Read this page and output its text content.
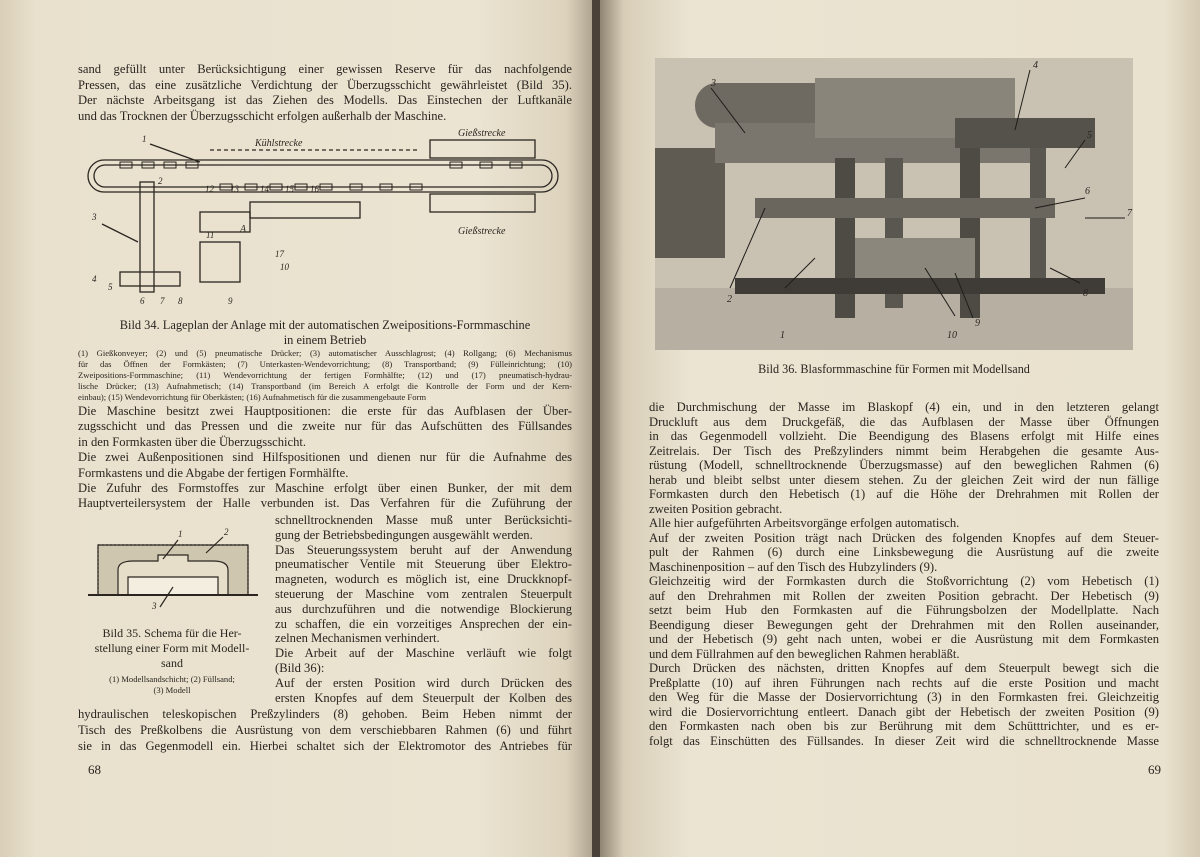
sand gefüllt unter Berücksichtigung einer gewissen Reserve für das nachfolgende
Pressen, das eine zusätzliche Verdichtung der Überzugsschicht gewährleistet (Bild 35).
Der nächste Arbeitsgang ist das Ziehen des Modells. Das Einstechen der Luftkanäle
und das Trocknen der Überzugsschicht erfolgen außerhalb der Maschine.
Kühlstrecke
Gießstrecke
Gießstrecke
A
1
2
3
4
5
6 7 8	9
10
11
12 13 14 15 16
17
Bild 34. Lageplan der Anlage mit der automatischen Zweipositions-Formmaschine
in einem Betrieb
(1) Gießkonveyer; (2) und (5) pneumatische Drücker; (3) automatischer Ausschlagrost; (4) Rollgang; (6) Mechanismus
für das Öffnen der Formkästen; (7) Unterkasten-Wendevorrichtung; (8) Transportband; (9) Fülleinrichtung; (10)
Zweipositions-Formmaschine; (11) Wendevorrichtung der fertigen Formhälfte; (12) und (17) pneumatisch-hydrau-
lische Drücker; (13) Aufnahmetisch; (14) Transportband (im Bereich A erfolgt die Kontrolle der Form und der Kern-
einbau); (15) Wendevorrichtung für Oberkästen; (16) Aufnahmetisch für die zusammengebaute Form
Die Maschine besitzt zwei Hauptpositionen: die erste für das Aufblasen der Über-
zugsschicht und das Pressen und die zweite nur für das Aufschütten des Füllsandes
in den Formkasten über die Überzugsschicht.
Die zwei Außenpositionen sind Hilfspositionen und dienen nur für die Aufnahme des
Formkastens und die Abgabe der fertigen Formhälfte.
Die Zufuhr des Formstoffes zur Maschine erfolgt über einen Bunker, der mit dem
Hauptverteilersystem der Halle verbunden ist. Das Verfahren für die Zuführung der
1	2
3
Bild 35. Schema für die Her-
stellung einer Form mit Modell-
sand
(1) Modellsandschicht; (2) Füllsand;
(3) Modell
schnelltrocknenden Masse muß unter Berücksichti-
gung der Betriebsbedingungen ausgewählt werden.
Das Steuerungssystem beruht auf der Anwendung
pneumatischer Ventile mit Steuerung über Elektro-
magneten, wodurch es möglich ist, eine Druckknopf-
steuerung der Maschine vom zentralen Steuerpult
aus durchzuführen und die notwendige Blockierung
zu schaffen, die ein vorzeitiges Ansprechen der ein-
zelnen Mechanismen verhindert.
Die Arbeit auf der Maschine verläuft wie folgt
(Bild 36):
Auf der ersten Position wird durch Drücken des
ersten Knopfes auf dem Steuerpult der Kolben des
hydraulischen teleskopischen Preßzylinders (8) gehoben. Beim Heben nimmt der
Tisch des Preßkolbens die Ausrüstung von dem verschiebbaren Rahmen (6) und führt
sie in das Gegenmodell ein. Hierbei schaltet sich der Elektromotor des Antriebes für
68
1
2
3
4
5
6
7
8
9
10
Bild 36. Blasformmaschine für Formen mit Modellsand
die Durchmischung der Masse im Blaskopf (4) ein, und in den letzteren gelangt
Druckluft aus dem Druckgefäß, die das Aufblasen der Masse über Öffnungen
in das Gegenmodell vollzieht. Die Beendigung des Blasens erfolgt mit Hilfe eines
Zeitrelais. Der Tisch des Preßzylinders nimmt beim Herabgehen die gesamte Aus-
rüstung (Modell, schnelltrocknende Überzugsmasse) auf den beweglichen Rahmen (6)
herab und bleibt selbst unter diesem stehen. Zu der gleichen Zeit wird der nun fällige
Formkasten durch den Hebetisch (1) auf die Höhe der Drehrahmen mit Rollen der
zweiten Position gebracht.
Alle hier aufgeführten Arbeitsvorgänge erfolgen automatisch.
Auf der zweiten Position trägt nach Drücken des folgenden Knopfes auf dem Steuer-
pult der Rahmen (6) durch eine Linksbewegung die Ausrüstung auf die zweite
Maschinenposition – auf den Tisch des Hubzylinders (9).
Gleichzeitig wird der Formkasten durch die Stoßvorrichtung (2) vom Hebetisch (1)
auf den Drehrahmen mit Rollen der zweiten Position gebracht. Der Hebetisch (9)
setzt beim Hub den Formkasten auf die Führungsbolzen der Modellplatte. Nach
Beendigung dieser Bewegungen geht der Drehrahmen mit den Rollen auseinander,
und der Hebetisch (9) geht nach unten, wobei er die Ausrüstung mit dem Formkasten
und dem Füllrahmen auf den beweglichen Rahmen herabläßt.
Durch Drücken des nächsten, dritten Knopfes auf dem Steuerpult bewegt sich die
Preßplatte (10) auf ihren Führungen nach rechts auf die erste Position und macht
den Weg für die Masse der Dosiervorrichtung (3) in den Formkasten frei. Gleichzeitig
wird die Dosiervorrichtung entleert. Danach gibt der Hebetisch der zweiten Position (9)
den Formkasten nach oben bis zur Berührung mit dem Schütttrichter, und es er-
folgt das Einschütten des Füllsandes. In dieser Zeit wird die schnelltrocknende Masse
69
